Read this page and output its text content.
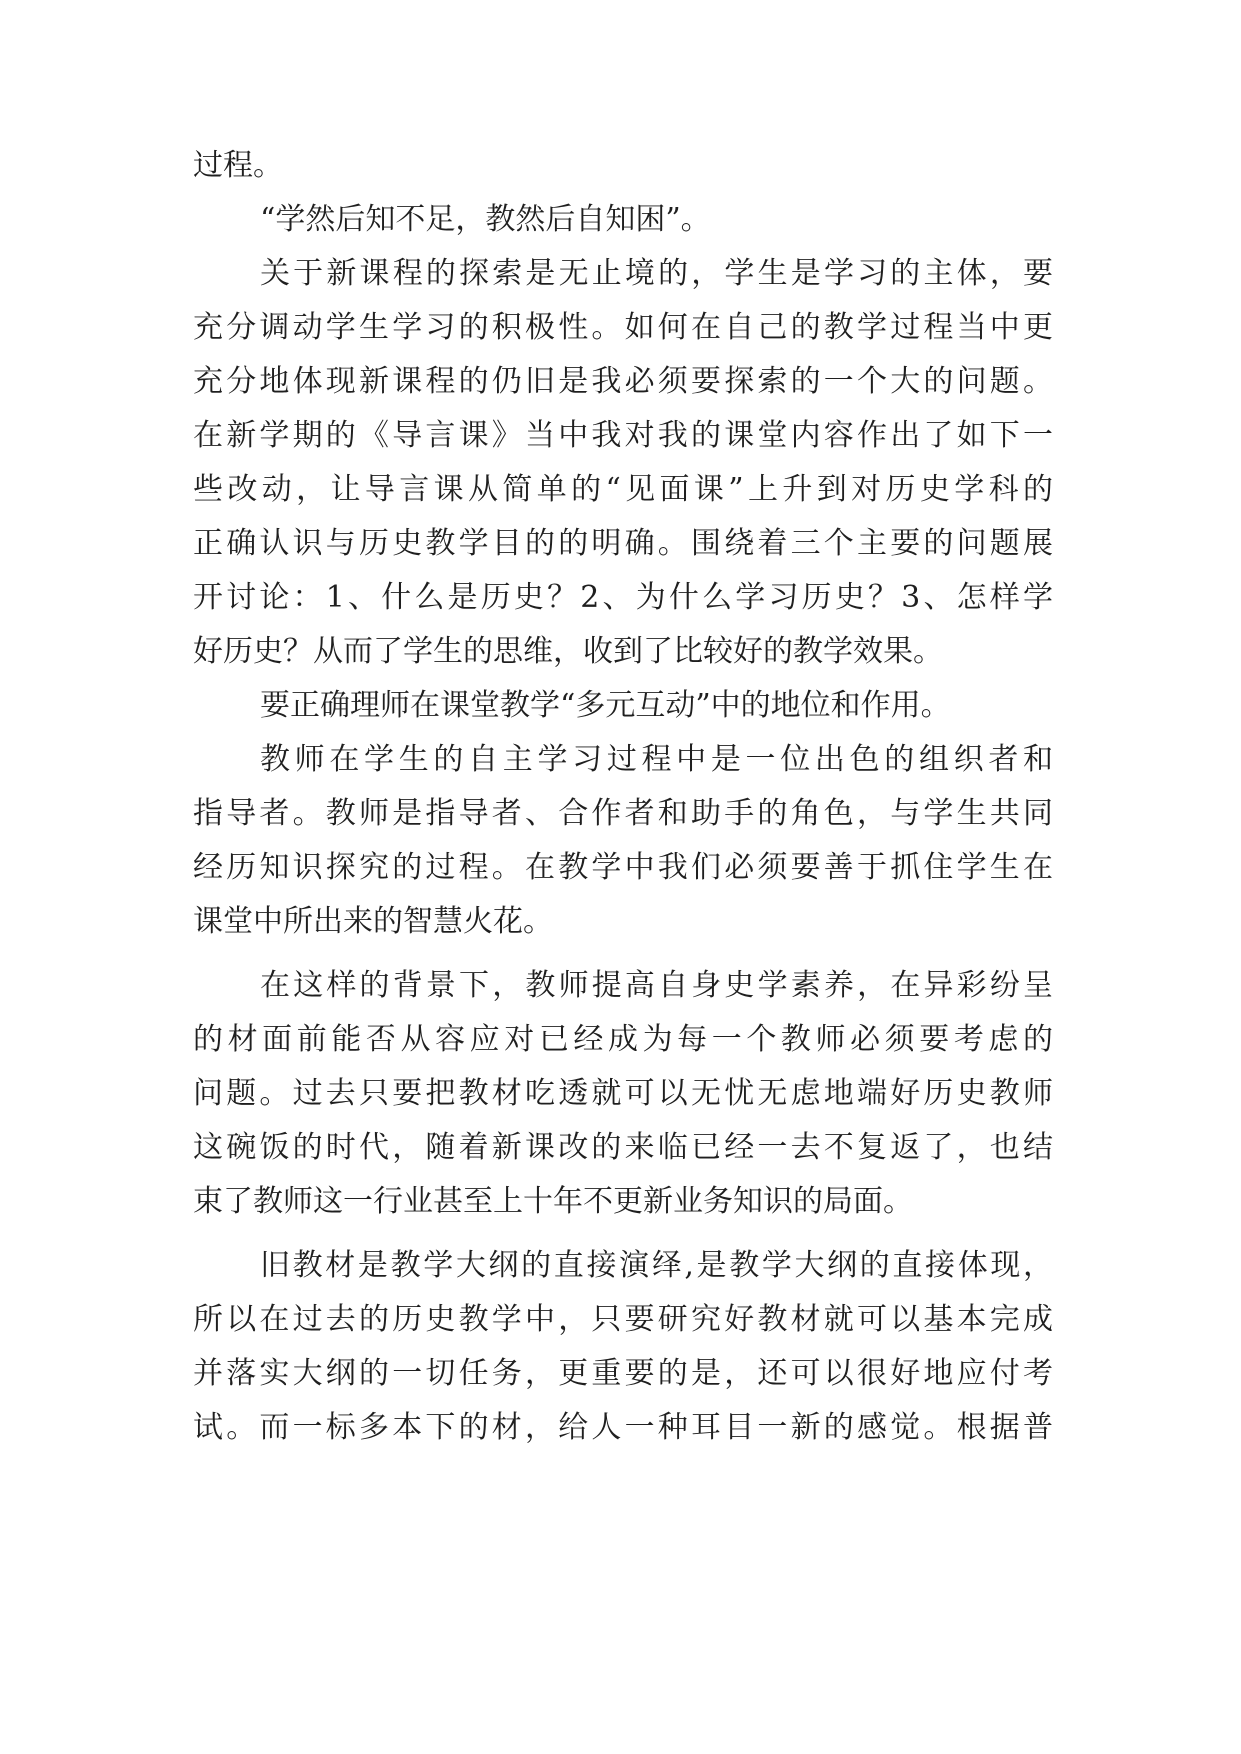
过程。
“学然后知不足，教然后自知困”。
关于新课程的探索是无止境的，学生是学习的主体，要
充分调动学生学习的积极性。如何在自己的教学过程当中更
充分地体现新课程的仍旧是我必须要探索的一个大的问题。
在新学期的《导言课》当中我对我的课堂内容作出了如下一
些改动，让导言课从简单的“见面课”上升到对历史学科的
正确认识与历史教学目的的明确。围绕着三个主要的问题展
开讨论：1、什么是历史？2、为什么学习历史？3、怎样学
好历史？从而了学生的思维，收到了比较好的教学效果。
要正确理师在课堂教学“多元互动”中的地位和作用。
教师在学生的自主学习过程中是一位出色的组织者和
指导者。教师是指导者、合作者和助手的角色，与学生共同
经历知识探究的过程。在教学中我们必须要善于抓住学生在
课堂中所出来的智慧火花。
在这样的背景下，教师提高自身史学素养，在异彩纷呈
的材面前能否从容应对已经成为每一个教师必须要考虑的
问题。过去只要把教材吃透就可以无忧无虑地端好历史教师
这碗饭的时代，随着新课改的来临已经一去不复返了，也结
束了教师这一行业甚至上十年不更新业务知识的局面。
旧教材是教学大纲的直接演绎,是教学大纲的直接体现，
所以在过去的历史教学中，只要研究好教材就可以基本完成
并落实大纲的一切任务，更重要的是，还可以很好地应付考
试。而一标多本下的材，给人一种耳目一新的感觉。根据普
